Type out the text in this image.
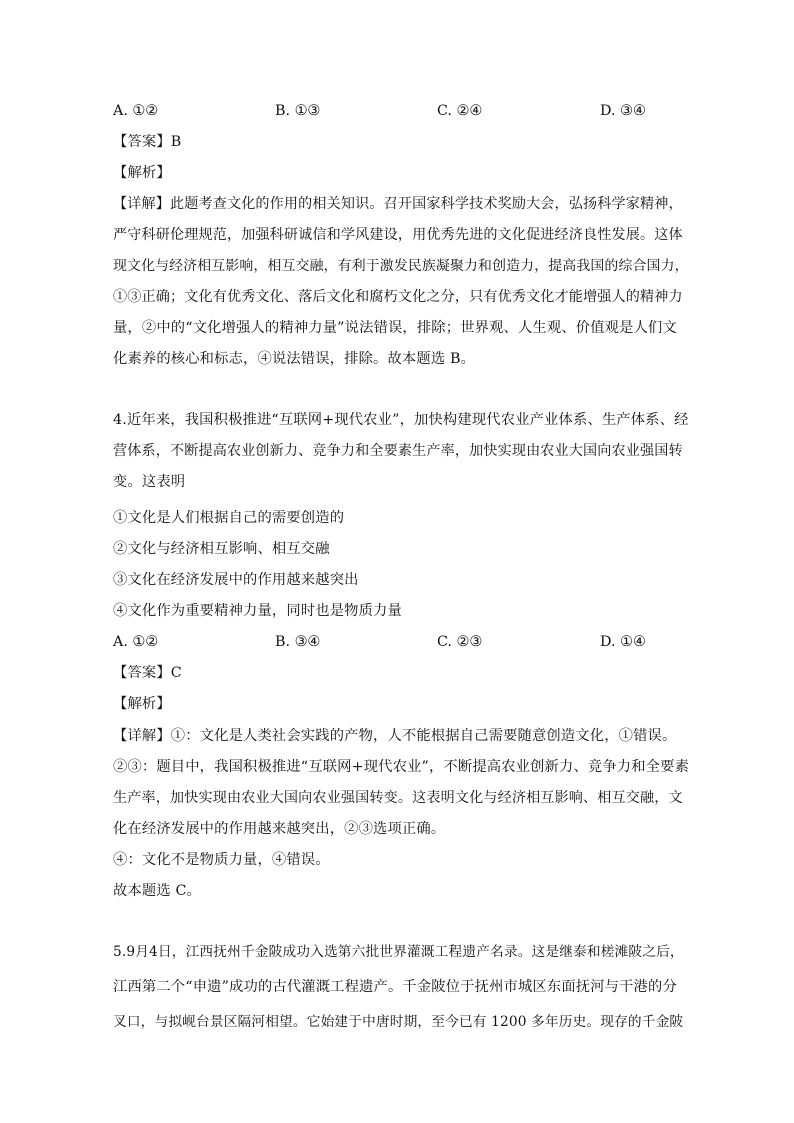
A. ①②	B. ①③	C. ②④	D. ③④
【答案】B
【解析】
【详解】此题考查文化的作用的相关知识。召开国家科学技术奖励大会，弘扬科学家精神，
严守科研伦理规范，加强科研诚信和学风建设，用优秀先进的文化促进经济良性发展。这体
现文化与经济相互影响，相互交融，有利于激发民族凝聚力和创造力，提高我国的综合国力，
①③正确；文化有优秀文化、落后文化和腐朽文化之分，只有优秀文化才能增强人的精神力
量，②中的“文化增强人的精神力量”说法错误，排除；世界观、人生观、价值观是人们文
化素养的核心和标志，④说法错误，排除。故本题选 B。
4.近年来，我国积极推进“互联网+现代农业”，加快构建现代农业产业体系、生产体系、经
营体系，不断提高农业创新力、竞争力和全要素生产率，加快实现由农业大国向农业强国转
变。这表明
①文化是人们根据自己的需要创造的
②文化与经济相互影响、相互交融
③文化在经济发展中的作用越来越突出
④文化作为重要精神力量，同时也是物质力量
A. ①②	B. ③④	C. ②③	D. ①④
【答案】C
【解析】
【详解】①：文化是人类社会实践的产物，人不能根据自己需要随意创造文化，①错误。
②③：题目中，我国积极推进“互联网+现代农业”，不断提高农业创新力、竞争力和全要素
生产率，加快实现由农业大国向农业强国转变。这表明文化与经济相互影响、相互交融，文
化在经济发展中的作用越来越突出，②③选项正确。
④：文化不是物质力量，④错误。
故本题选 C。
5.9月4日，江西抚州千金陂成功入选第六批世界灌溉工程遗产名录。这是继泰和槎滩陂之后，
江西第二个“申遗”成功的古代灌溉工程遗产。千金陂位于抚州市城区东面抚河与干港的分
叉口，与拟岘台景区隔河相望。它始建于中唐时期，至今已有 1200 多年历史。现存的千金陂
